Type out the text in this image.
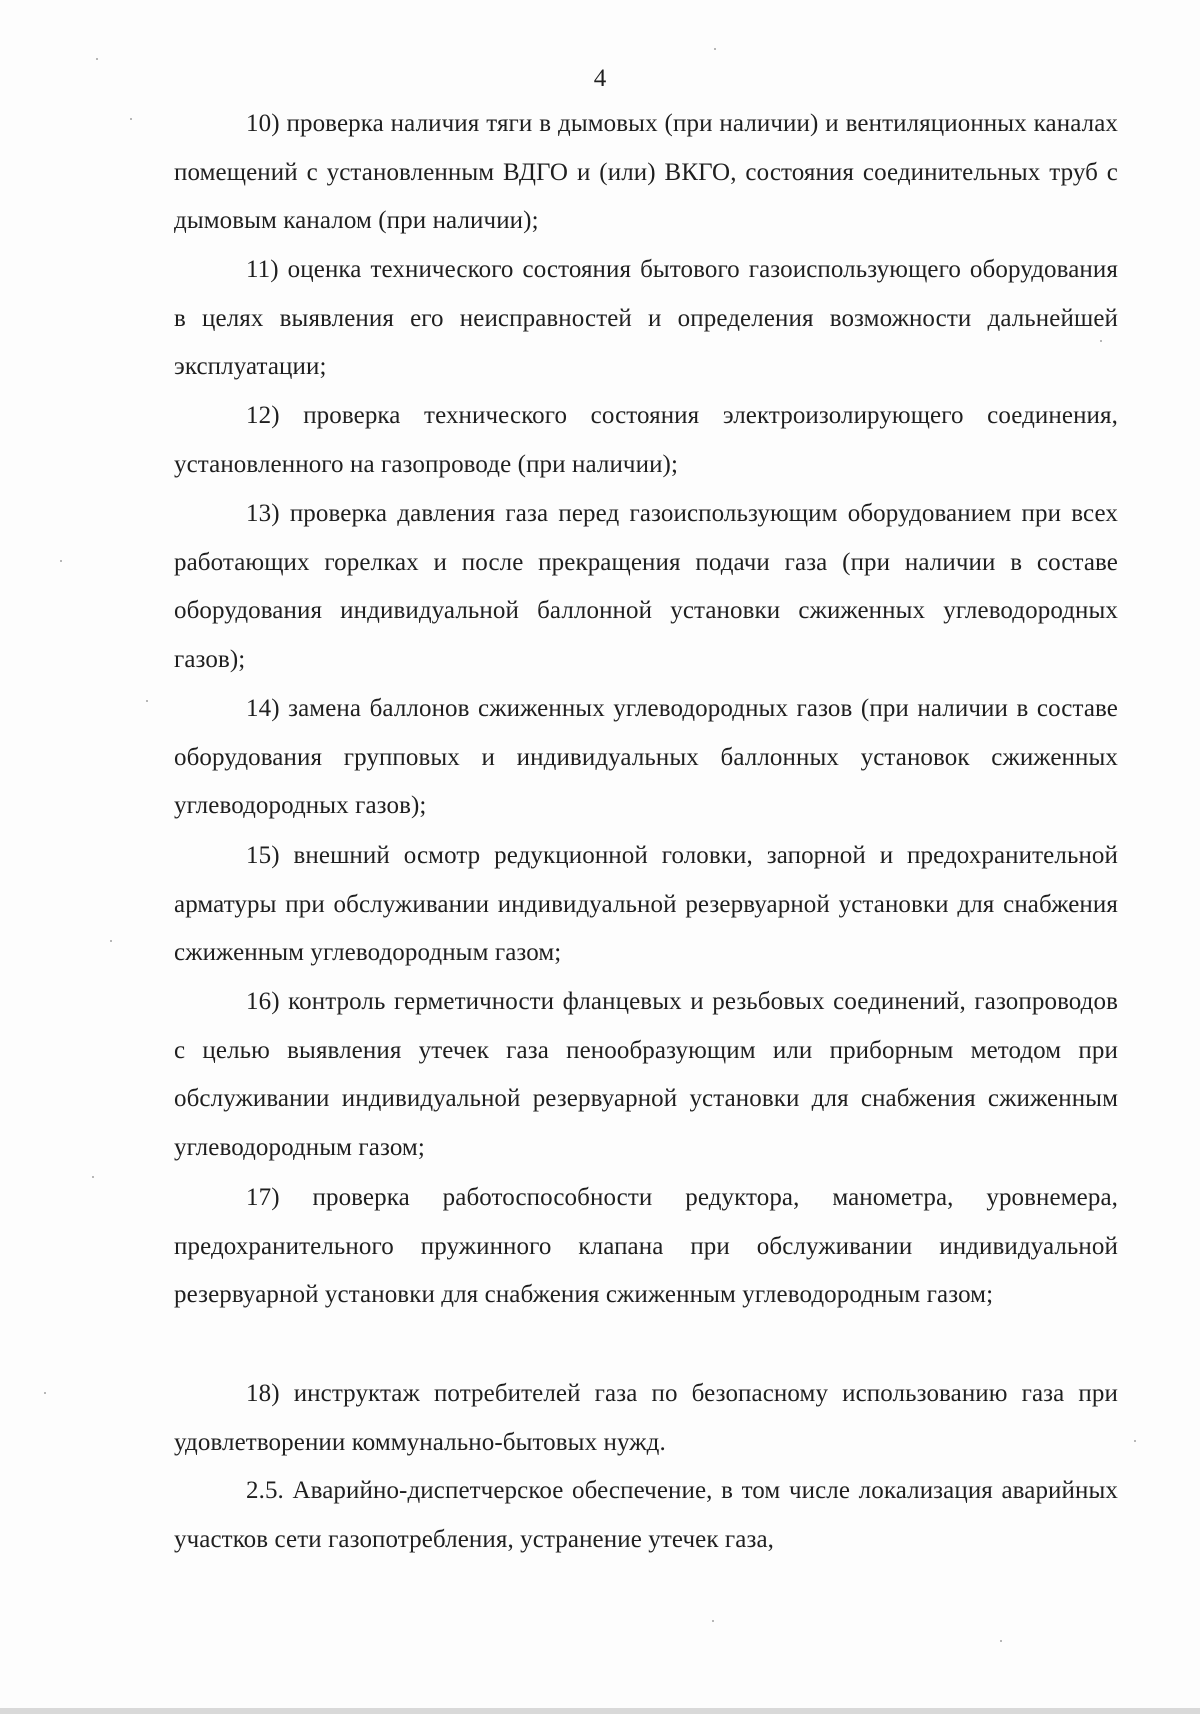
4

10) проверка наличия тяги в дымовых (при наличии) и вентиляционных каналах помещений с установленным ВДГО и (или) ВКГО, состояния соединительных труб с дымовым каналом (при наличии);

11) оценка технического состояния бытового газоиспользующего оборудования в целях выявления его неисправностей и определения возможности дальнейшей эксплуатации;

12) проверка технического состояния электроизолирующего соединения, установленного на газопроводе (при наличии);

13) проверка давления газа перед газоиспользующим оборудованием при всех работающих горелках и после прекращения подачи газа (при наличии в составе оборудования индивидуальной баллонной установки сжиженных углеводородных газов);

14) замена баллонов сжиженных углеводородных газов (при наличии в составе оборудования групповых и индивидуальных баллонных установок сжиженных углеводородных газов);

15) внешний осмотр редукционной головки, запорной и предохранительной арматуры при обслуживании индивидуальной резервуарной установки для снабжения сжиженным углеводородным газом;

16) контроль герметичности фланцевых и резьбовых соединений, газопроводов с целью выявления утечек газа пенообразующим или приборным методом при обслуживании индивидуальной резервуарной установки для снабжения сжиженным углеводородным газом;

17) проверка работоспособности редуктора, манометра, уровнемера, предохранительного пружинного клапана при обслуживании индивидуальной резервуарной установки для снабжения сжиженным углеводородным газом;

18) инструктаж потребителей газа по безопасному использованию газа при удовлетворении коммунально-бытовых нужд.

2.5. Аварийно-диспетчерское обеспечение, в том числе локализация аварийных участков сети газопотребления, устранение утечек газа,
